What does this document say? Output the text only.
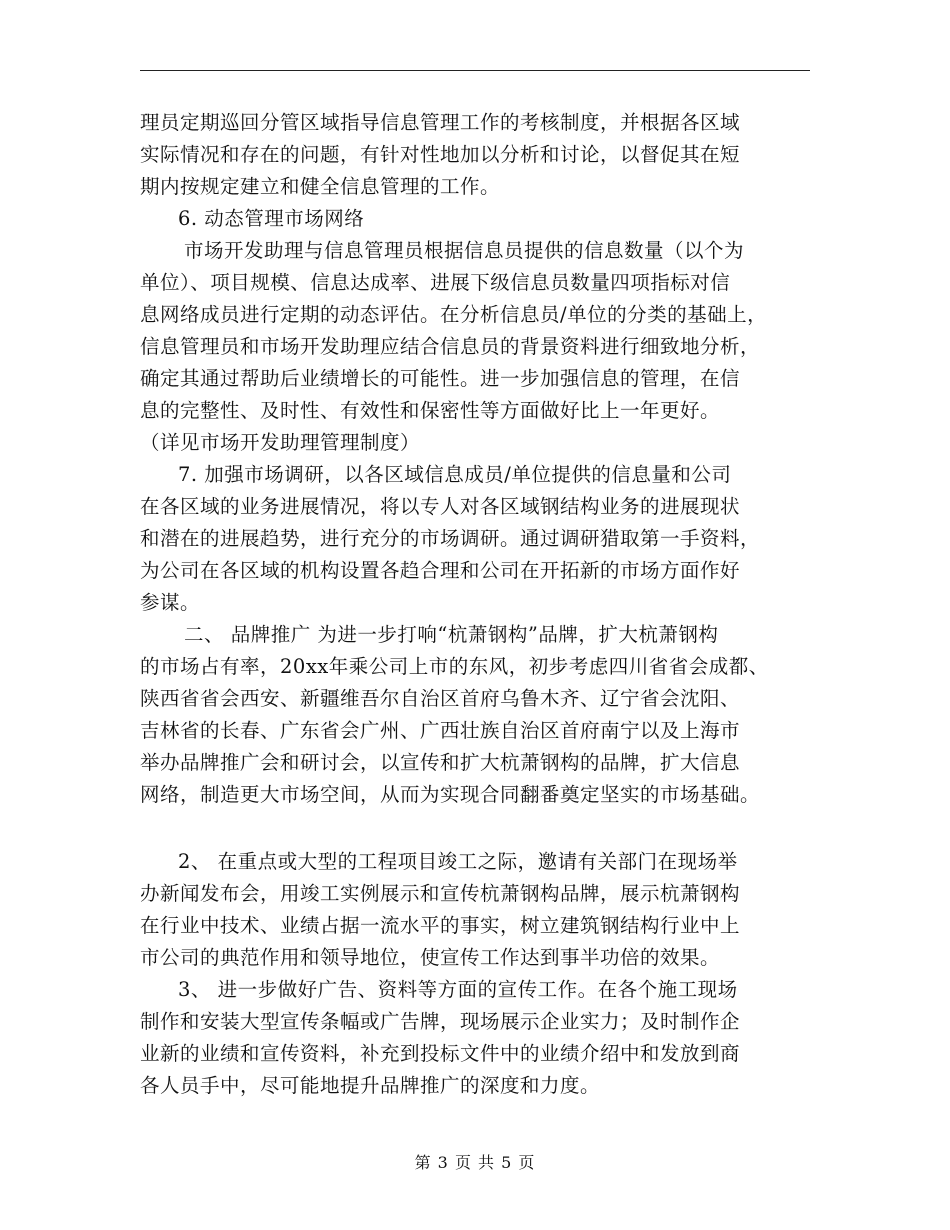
理员定期巡回分管区域指导信息管理工作的考核制度，并根据各区域
实际情况和存在的问题，有针对性地加以分析和讨论，以督促其在短
期内按规定建立和健全信息管理的工作。
6. 动态管理市场网络
市场开发助理与信息管理员根据信息员提供的信息数量（以个为
单位）、项目规模、信息达成率、进展下级信息员数量四项指标对信
息网络成员进行定期的动态评估。在分析信息员/单位的分类的基础上，
信息管理员和市场开发助理应结合信息员的背景资料进行细致地分析，
确定其通过帮助后业绩增长的可能性。进一步加强信息的管理，在信
息的完整性、及时性、有效性和保密性等方面做好比上一年更好。
（详见市场开发助理管理制度）
7. 加强市场调研，以各区域信息成员/单位提供的信息量和公司
在各区域的业务进展情况，将以专人对各区域钢结构业务的进展现状
和潜在的进展趋势，进行充分的市场调研。通过调研猎取第一手资料，
为公司在各区域的机构设置各趋合理和公司在开拓新的市场方面作好
参谋。
二、 品牌推广 为进一步打响“杭萧钢构”品牌，扩大杭萧钢构
的市场占有率，20xx年乘公司上市的东风，初步考虑四川省省会成都、
陕西省省会西安、新疆维吾尔自治区首府乌鲁木齐、辽宁省会沈阳、
吉林省的长春、广东省会广州、广西壮族自治区首府南宁以及上海市
举办品牌推广会和研讨会，以宣传和扩大杭萧钢构的品牌，扩大信息
网络，制造更大市场空间，从而为实现合同翻番奠定坚实的市场基础。
2、 在重点或大型的工程项目竣工之际，邀请有关部门在现场举
办新闻发布会，用竣工实例展示和宣传杭萧钢构品牌，展示杭萧钢构
在行业中技术、业绩占据一流水平的事实，树立建筑钢结构行业中上
市公司的典范作用和领导地位，使宣传工作达到事半功倍的效果。
3、 进一步做好广告、资料等方面的宣传工作。在各个施工现场
制作和安装大型宣传条幅或广告牌，现场展示企业实力；及时制作企
业新的业绩和宣传资料，补充到投标文件中的业绩介绍中和发放到商
各人员手中，尽可能地提升品牌推广的深度和力度。
第 3 页 共 5 页
